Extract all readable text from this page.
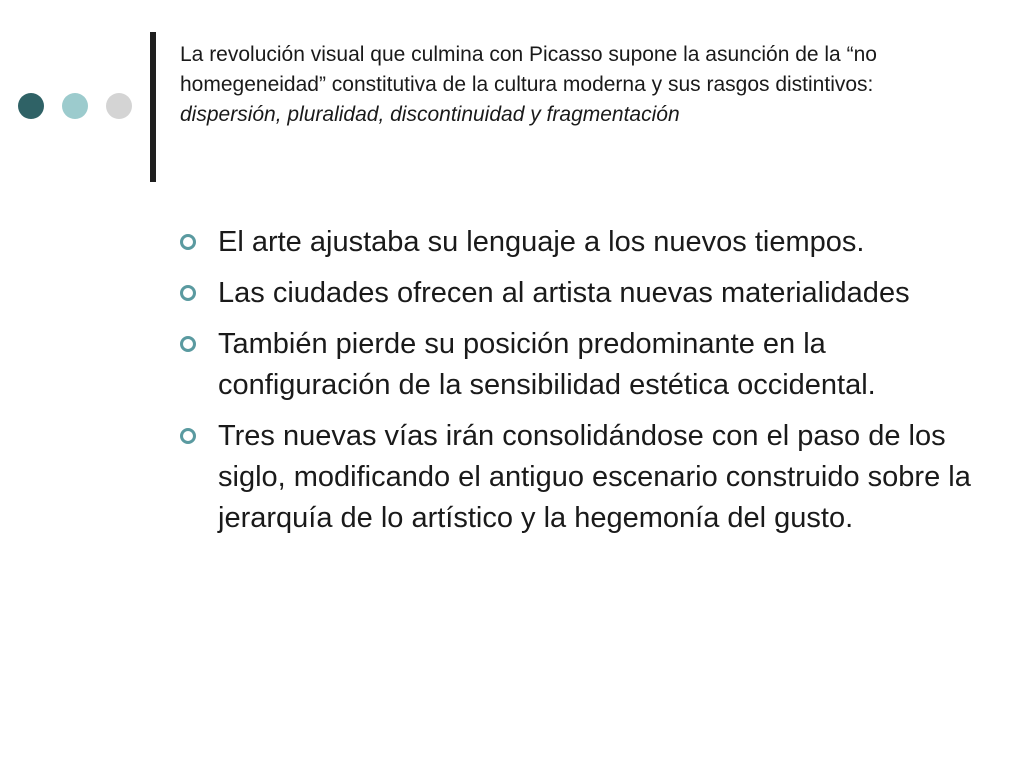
La revolución visual que culmina con Picasso supone la asunción de la “no homegeneidad” constitutiva de la cultura moderna y sus rasgos distintivos: dispersión, pluralidad, discontinuidad y fragmentación

El arte ajustaba su lenguaje a los nuevos tiempos.
Las ciudades ofrecen al artista nuevas materialidades
También pierde su posición predominante en la configuración de la sensibilidad estética occidental.
Tres nuevas vías irán consolidándose con el paso de los siglo, modificando el antiguo escenario construido sobre la jerarquía de lo artístico y la hegemonía del gusto.
